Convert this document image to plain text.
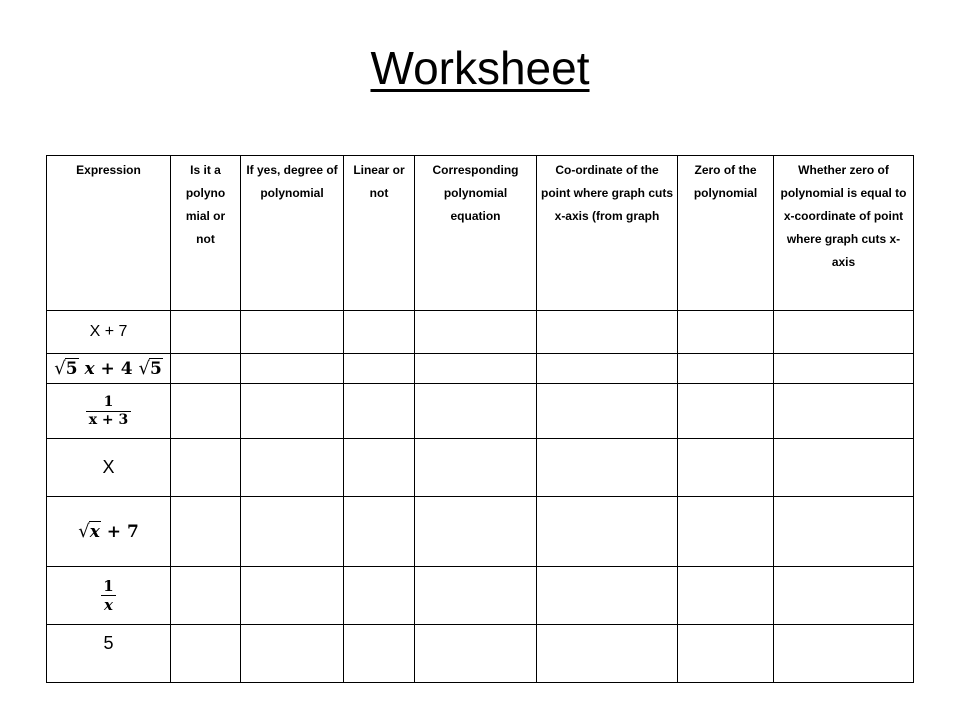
Worksheet
Expression	Is it a polyno mial or not	If yes, degree of polynomial	Linear or not	Corresponding polynomial equation	Co-ordinate of the point where graph cuts x-axis (from graph	Zero of the polynomial	Whether zero of polynomial is equal to x-coordinate of point where graph cuts x-axis
X + 7							
√5 x + 4 √5							

$\frac{1}{x + 3}$

X							
√x + 7							

$\frac{1}{x}$

5							
